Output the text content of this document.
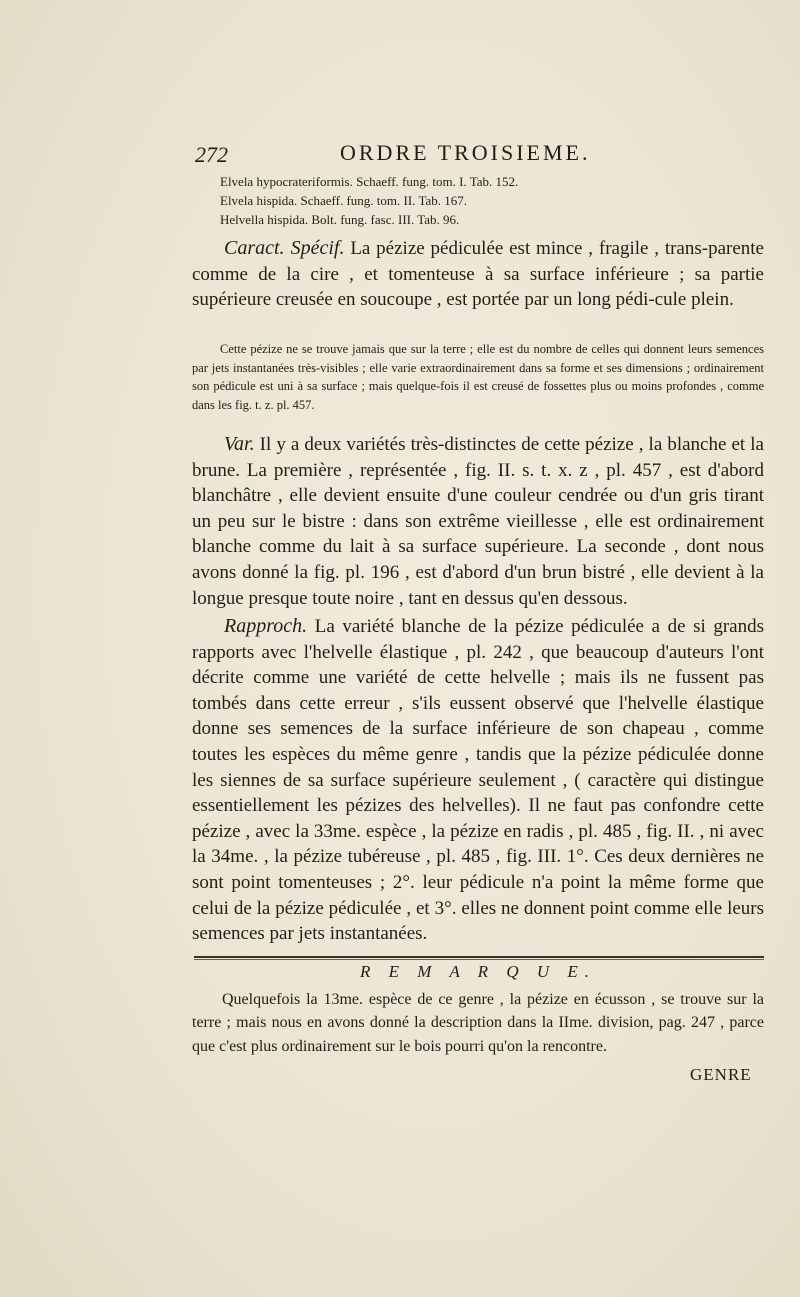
272	ORDRE TROISIEME.
Elvela hypocrateriformis. Schaeff. fung. tom. I. Tab. 152.
Elvela hispida. Schaeff. fung. tom. II. Tab. 167.
Helvella hispida. Bolt. fung. fasc. III. Tab. 96.

Caract. Spécif. La pézize pédiculée est mince , fragile , trans-parente comme de la cire , et tomenteuse à sa surface inférieure ; sa partie supérieure creusée en soucoupe , est portée par un long pédi-cule plein.

Cette pézize ne se trouve jamais que sur la terre ; elle est du nombre de celles qui donnent leurs semences par jets instantanées très-visibles ; elle varie extraordinairement dans sa forme et ses dimensions ; ordinairement son pédicule est uni à sa surface ; mais quelque-fois il est creusé de fossettes plus ou moins profondes , comme dans les fig. t. z. pl. 457.

Var. Il y a deux variétés très-distinctes de cette pézize , la blanche et la brune. La première , représentée , fig. II. s. t. x. z , pl. 457 , est d'abord blanchâtre , elle devient ensuite d'une couleur cendrée ou d'un gris tirant un peu sur le bistre : dans son extrême vieillesse , elle est ordinairement blanche comme du lait à sa surface supérieure. La seconde , dont nous avons donné la fig. pl. 196 , est d'abord d'un brun bistré , elle devient à la longue presque toute noire , tant en dessus qu'en dessous.

Rapproch. La variété blanche de la pézize pédiculée a de si grands rapports avec l'helvelle élastique , pl. 242 , que beaucoup d'auteurs l'ont décrite comme une variété de cette helvelle ; mais ils ne fussent pas tombés dans cette erreur , s'ils eussent observé que l'helvelle élastique donne ses semences de la surface inférieure de son chapeau , comme toutes les espèces du même genre , tandis que la pézize pédiculée donne les siennes de sa surface supérieure seulement , ( caractère qui distingue essentiellement les pézizes des helvelles). Il ne faut pas confondre cette pézize , avec la 33me. espèce , la pézize en radis , pl. 485 , fig. II. , ni avec la 34me. , la pézize tubéreuse , pl. 485 , fig. III. 1°. Ces deux dernières ne sont point tomenteuses ; 2°. leur pédicule n'a point la même forme que celui de la pézize pédiculée , et 3°. elles ne donnent point comme elle leurs semences par jets instantanées.

R E M A R Q U E.

Quelquefois la 13me. espèce de ce genre , la pézize en écusson , se trouve sur la terre ; mais nous en avons donné la description dans la IIme. division, pag. 247 , parce que c'est plus ordinairement sur le bois pourri qu'on la rencontre.

GENRE
